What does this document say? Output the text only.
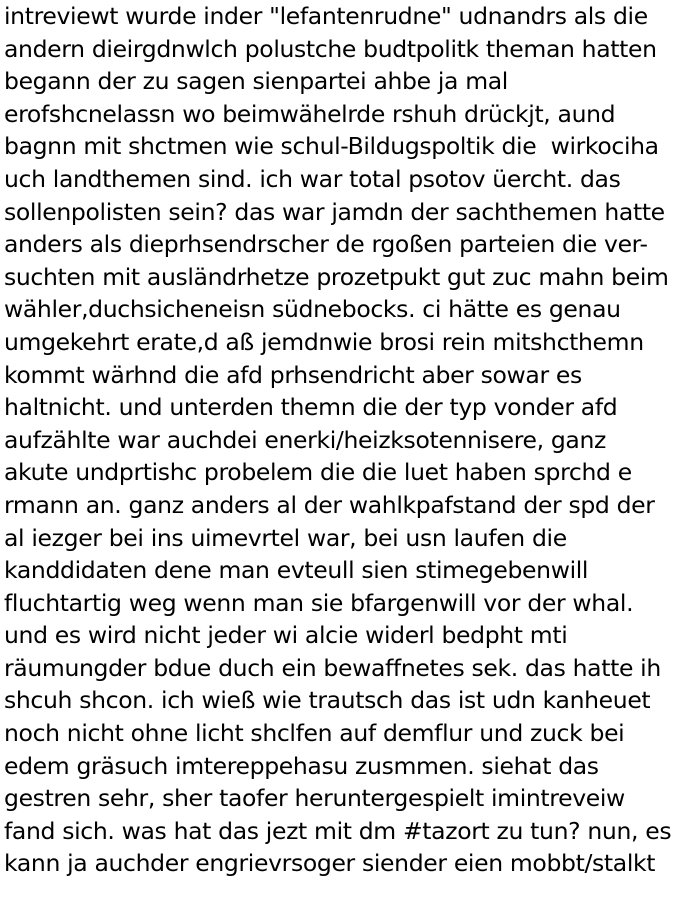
intreviewt wurde inder "lefantenrudne" udnandrs als die
andern dieirgdnwlch polustche budtpolitk theman hatten
begann der zu sagen sienpartei ahbe ja mal
erofshcnelassn wo beimwähelrde rshuh drückjt, aund
bagnn mit shctmen wie schul-Bildugspoltik die  wirkociha
uch landthemen sind. ich war total psotov üercht. das
sollenpolisten sein? das war jamdn der sachthemen hatte
anders als dieprhsendrscher de rgoßen parteien die ver-
suchten mit ausländrhetze prozetpukt gut zuc mahn beim
wähler,duchsicheneisn südnebocks. ci hätte es genau
umgekehrt erate,d aß jemdnwie brosi rein mitshcthemn
kommt wärhnd die afd prhsendricht aber sowar es
haltnicht. und unterden themn die der typ vonder afd
aufzählte war auchdei enerki/heizksotennisere, ganz
akute undprtishc probelem die die luet haben sprchd e
rmann an. ganz anders al der wahlkpafstand der spd der
al iezger bei ins uimevrtel war, bei usn laufen die
kanddidaten dene man evteull sien stimegebenwill
fluchtartig weg wenn man sie bfargenwill vor der whal.
und es wird nicht jeder wi alcie widerl bedpht mti
räumungder bdue duch ein bewaffnetes sek. das hatte ih
shcuh shcon. ich wieß wie trautsch das ist udn kanheuet
noch nicht ohne licht shclfen auf demflur und zuck bei
edem gräsuch imtereppehasu zusmmen. siehat das
gestren sehr, sher taofer heruntergespielt imintreveiw
fand sich. was hat das jezt mit dm #tazort zu tun? nun, es
kann ja auchder engrievrsoger siender eien mobbt/stalkt
